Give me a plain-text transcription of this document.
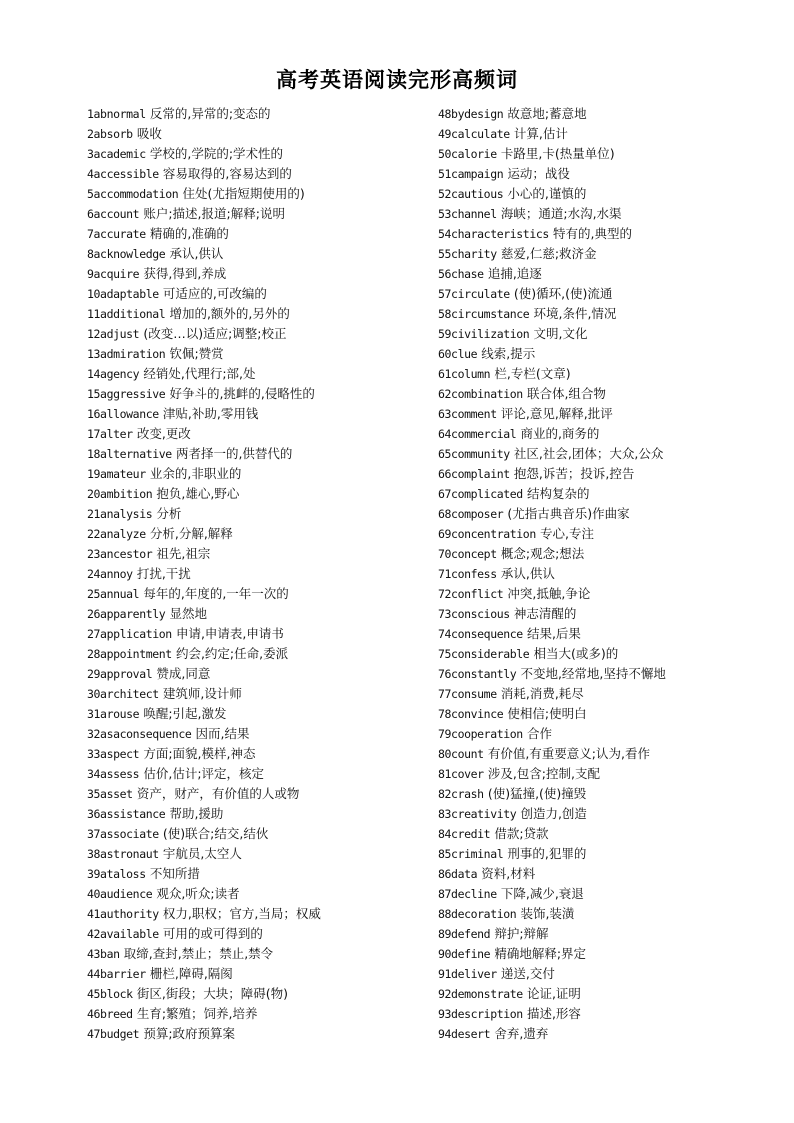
高考英语阅读完形高频词
1abnormal 反常的,异常的;变态的
2absorb 吸收
3academic 学校的,学院的;学术性的
4accessible 容易取得的,容易达到的
5accommodation 住处(尤指短期使用的)
6account 账户;描述,报道;解释;说明
7accurate 精确的,准确的
8acknowledge 承认,供认
9acquire 获得,得到,养成
10adaptable 可适应的,可改编的
11additional 增加的,额外的,另外的
12adjust (改变…以)适应;调整;校正
13admiration 钦佩;赞赏
14agency 经销处,代理行;部,处
15aggressive 好争斗的,挑衅的,侵略性的
16allowance 津贴,补助,零用钱
17alter 改变,更改
18alternative 两者择一的,供替代的
19amateur 业余的,非职业的
20ambition 抱负,雄心,野心
21analysis 分析
22analyze 分析,分解,解释
23ancestor 祖先,祖宗
24annoy 打扰,干扰
25annual 每年的,年度的,一年一次的
26apparently 显然地
27application 申请,申请表,申请书
28appointment 约会,约定;任命,委派
29approval 赞成,同意
30architect 建筑师,设计师
31arouse 唤醒;引起,激发
32asaconsequence 因而,结果
33aspect 方面;面貌,模样,神态
34assess 估价,估计;评定，核定
35asset 资产，财产，有价值的人或物
36assistance 帮助,援助
37associate (使)联合;结交,结伙
38astronaut 宇航员,太空人
39ataloss 不知所措
40audience 观众,听众;读者
41authority 权力,职权；官方,当局；权威
42available 可用的或可得到的
43ban 取缔,查封,禁止；禁止,禁令
44barrier 栅栏,障碍,隔阂
45block 街区,街段；大块；障碍(物)
46breed 生育;繁殖；饲养,培养
47budget 预算;政府预算案
48bydesign 故意地;蓄意地
49calculate 计算,估计
50calorie 卡路里,卡(热量单位)
51campaign 运动；战役
52cautious 小心的,谨慎的
53channel 海峡；通道;水沟,水渠
54characteristics 特有的,典型的
55charity 慈爱,仁慈;救济金
56chase 追捕,追逐
57circulate (使)循环,(使)流通
58circumstance 环境,条件,情况
59civilization 文明,文化
60clue 线索,提示
61column 栏,专栏(文章)
62combination 联合体,组合物
63comment 评论,意见,解释,批评
64commercial 商业的,商务的
65community 社区,社会,团体；大众,公众
66complaint 抱怨,诉苦；投诉,控告
67complicated 结构复杂的
68composer (尤指古典音乐)作曲家
69concentration 专心,专注
70concept 概念;观念;想法
71confess 承认,供认
72conflict 冲突,抵触,争论
73conscious 神志清醒的
74consequence 结果,后果
75considerable 相当大(或多)的
76constantly 不变地,经常地,坚持不懈地
77consume 消耗,消费,耗尽
78convince 使相信;使明白
79cooperation 合作
80count 有价值,有重要意义;认为,看作
81cover 涉及,包含;控制,支配
82crash (使)猛撞,(使)撞毁
83creativity 创造力,创造
84credit 借款;贷款
85criminal 刑事的,犯罪的
86data 资料,材料
87decline 下降,减少,衰退
88decoration 装饰,装潢
89defend 辩护;辩解
90define 精确地解释;界定
91deliver 递送,交付
92demonstrate 论证,证明
93description 描述,形容
94desert 舍弃,遗弃
